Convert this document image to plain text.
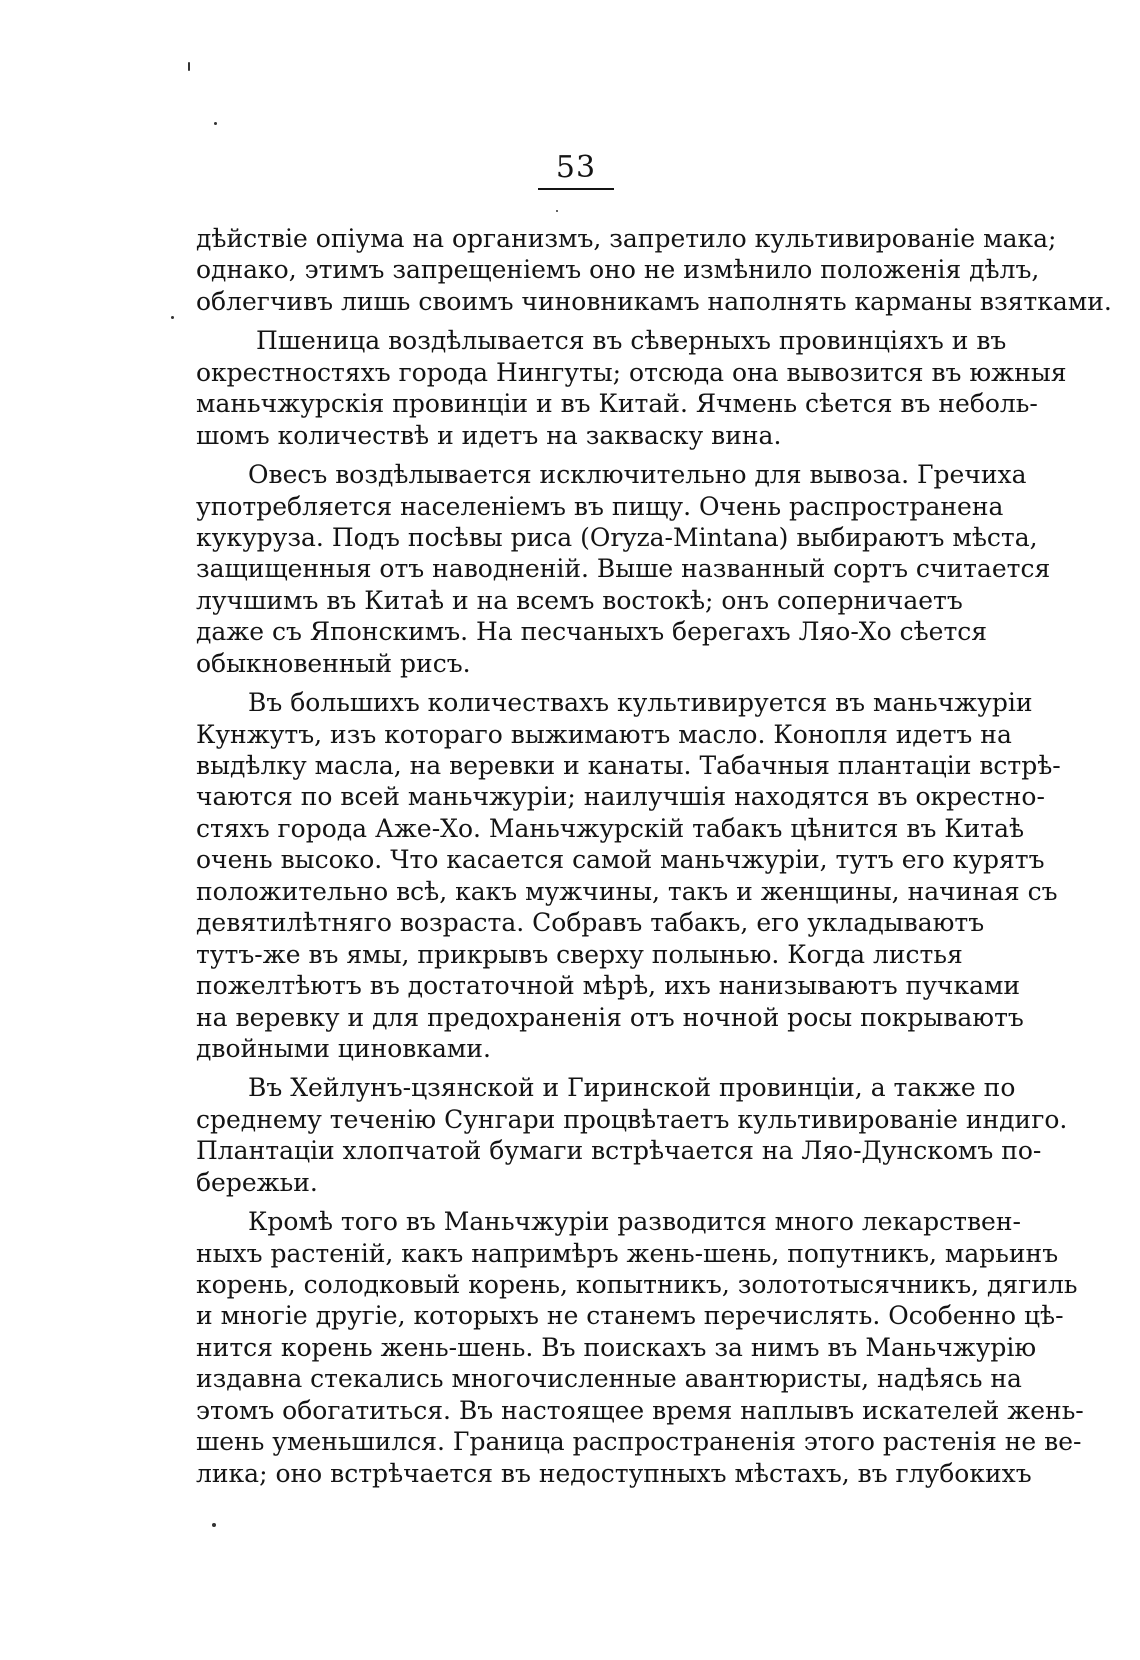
53
дѣйствіе опіума на организмъ, запретило культивированіе мака;
однако, этимъ запрещеніемъ оно не измѣнило положенія дѣлъ,
облегчивъ лишь своимъ чиновникамъ наполнять карманы взятками.
Пшеница воздѣлывается въ сѣверныхъ провинціяхъ и въ
окрестностяхъ города Нингуты; отсюда она вывозится въ южныя
маньчжурскія провинціи и въ Китай. Ячмень сѣется въ неболь-
шомъ количествѣ и идетъ на закваску вина.
Овесъ воздѣлывается исключительно для вывоза. Гречиха
употребляется населеніемъ въ пищу. Очень распространена
кукуруза. Подъ посѣвы риса (Oryza-Mintana) выбираютъ мѣста,
защищенныя отъ наводненій. Выше названный сортъ считается
лучшимъ въ Китаѣ и на всемъ востокѣ; онъ соперничаетъ
даже съ Японскимъ. На песчаныхъ берегахъ Ляо-Хо сѣется
обыкновенный рисъ.
Въ большихъ количествахъ культивируется въ маньчжуріи
Кунжутъ, изъ котораго выжимаютъ масло. Конопля идетъ на
выдѣлку масла, на веревки и канаты. Табачныя плантаціи встрѣ-
чаются по всей маньчжуріи; наилучшія находятся въ окрестно-
стяхъ города Аже-Хо. Маньчжурскій табакъ цѣнится въ Китаѣ
очень высоко. Что касается самой маньчжуріи, тутъ его курятъ
положительно всѣ, какъ мужчины, такъ и женщины, начиная съ
девятилѣтняго возраста. Собравъ табакъ, его укладываютъ
тутъ-же въ ямы, прикрывъ сверху полынью. Когда листья
пожелтѣютъ въ достаточной мѣрѣ, ихъ нанизываютъ пучками
на веревку и для предохраненія отъ ночной росы покрываютъ
двойными циновками.
Въ Хейлунъ-цзянской и Гиринской провинціи, а также по
среднему теченію Сунгари процвѣтаетъ культивированіе индиго.
Плантаціи хлопчатой бумаги встрѣчается на Ляо-Дунскомъ по-
бережьи.
Кромѣ того въ Маньчжуріи разводится много лекарствен-
ныхъ растеній, какъ напримѣръ жень-шень, попутникъ, марьинъ
корень, солодковый корень, копытникъ, золототысячникъ, дягиль
и многіе другіе, которыхъ не станемъ перечислять. Особенно цѣ-
нится корень жень-шень. Въ поискахъ за нимъ въ Маньчжурію
издавна стекались многочисленные авантюристы, надѣясь на
этомъ обогатиться. Въ настоящее время наплывъ искателей жень-
шень уменьшился. Граница распространенія этого растенія не ве-
лика; оно встрѣчается въ недоступныхъ мѣстахъ, въ глубокихъ
